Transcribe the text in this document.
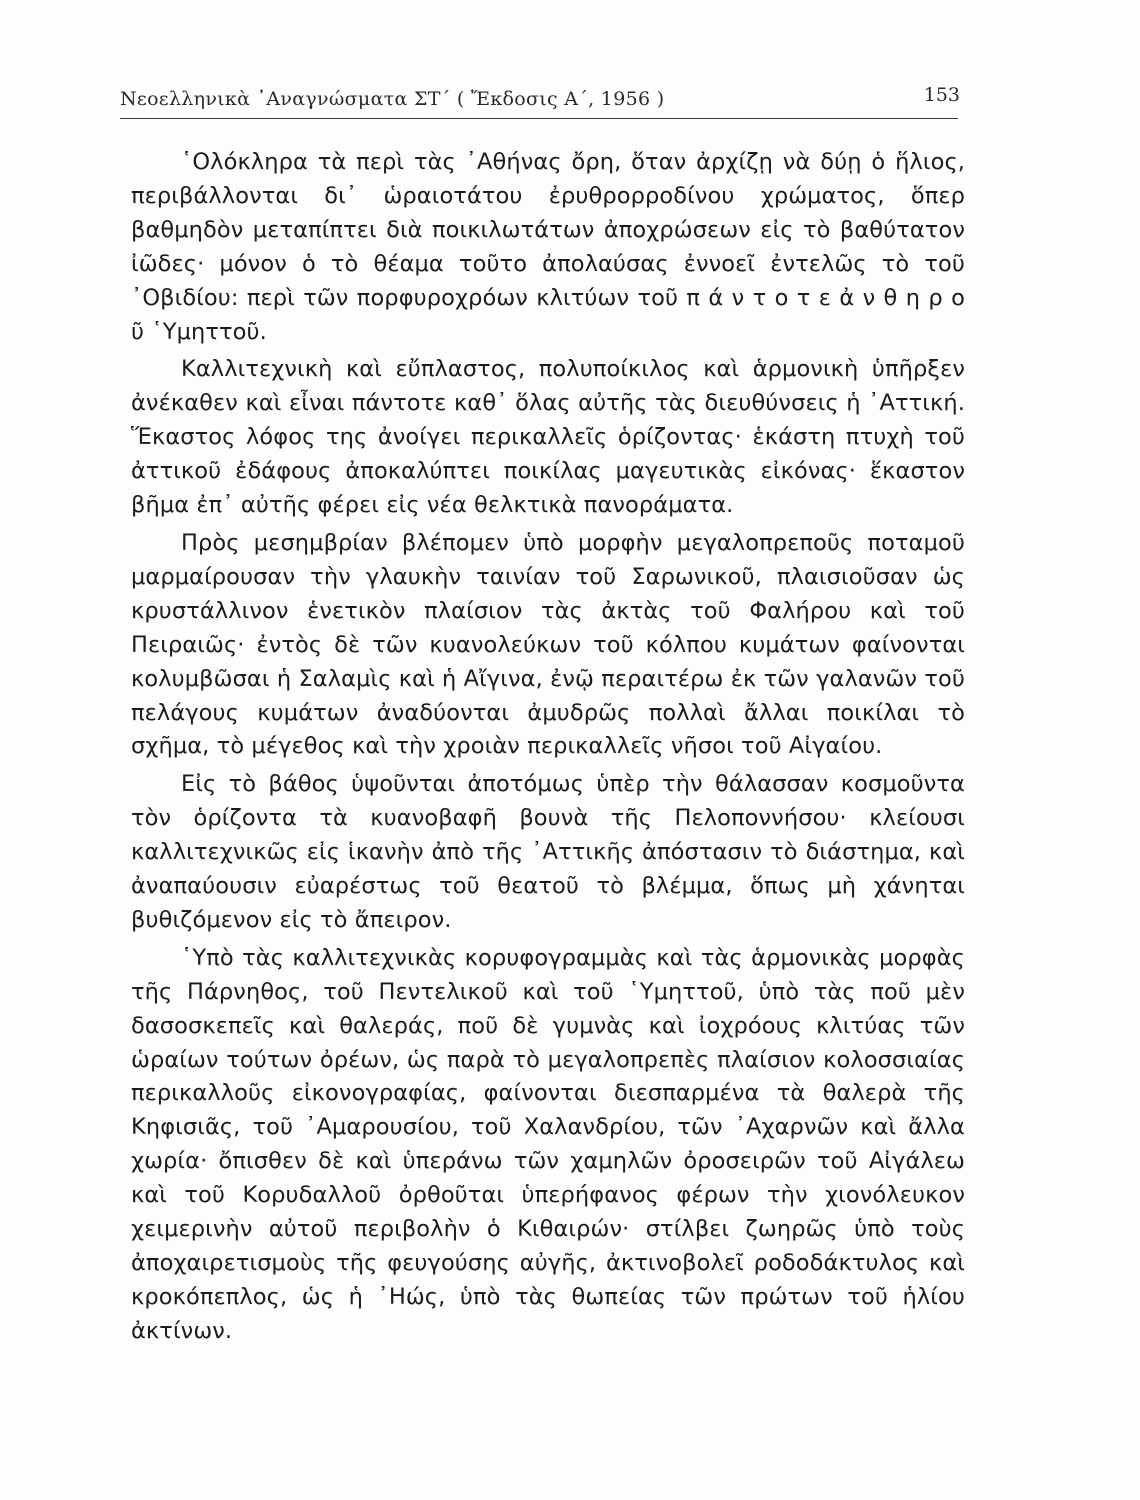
Νεοελληνικὰ ᾿Αναγνώσματα ΣΤ΄ ( Ἔκδοσις Α΄, 1956 )	153

῾Ολόκληρα τὰ περὶ τὰς ᾿Αθήνας ὄρη, ὅταν ἀρχίζῃ νὰ δύῃ ὁ ἥλιος, περιβάλλονται δι᾿ ὡραιοτάτου ἐρυθρορροδίνου χρώματος, ὅπερ βαθμηδὸν μεταπίπτει διὰ ποικιλωτάτων ἀποχρώσεων εἰς τὸ βαθύτατον ἰῶδες· μόνον ὁ τὸ θέαμα τοῦτο ἀπολαύσας ἐννοεῖ ἐντελῶς τὸ τοῦ ᾿Οβιδίου: περὶ τῶν πορφυροχρόων κλιτύων τοῦ π ά ν τ ο τ ε ἀ ν θ η ρ ο ῦ ῾Υμηττοῦ.

Καλλιτεχνικὴ καὶ εὔπλαστος, πολυποίκιλος καὶ ἁρμονικὴ ὑπῆρξεν ἀνέκαθεν καὶ εἶναι πάντοτε καθ᾿ ὅλας αὐτῆς τὰς διευθύνσεις ἡ ᾿Αττική. Ἕκαστος λόφος της ἀνοίγει περικαλλεῖς ὁρίζοντας· ἑκάστη πτυχὴ τοῦ ἀττικοῦ ἐδάφους ἀποκαλύπτει ποικίλας μαγευτικὰς εἰκόνας· ἕκαστον βῆμα ἐπ᾿ αὐτῆς φέρει εἰς νέα θελκτικὰ πανοράματα.

Πρὸς μεσημβρίαν βλέπομεν ὑπὸ μορφὴν μεγαλοπρεποῦς ποταμοῦ μαρμαίρουσαν τὴν γλαυκὴν ταινίαν τοῦ Σαρωνικοῦ, πλαισιοῦσαν ὡς κρυστάλλινον ἑνετικὸν πλαίσιον τὰς ἀκτὰς τοῦ Φαλήρου καὶ τοῦ Πειραιῶς· ἐντὸς δὲ τῶν κυανολεύκων τοῦ κόλπου κυμάτων φαίνονται κολυμβῶσαι ἡ Σαλαμὶς καὶ ἡ Αἴγινα, ἐνῷ περαιτέρω ἐκ τῶν γαλανῶν τοῦ πελάγους κυμάτων ἀναδύονται ἀμυδρῶς πολλαὶ ἄλλαι ποικίλαι τὸ σχῆμα, τὸ μέγεθος καὶ τὴν χροιὰν περικαλλεῖς νῆσοι τοῦ Αἰγαίου.

Εἰς τὸ βάθος ὑψοῦνται ἀποτόμως ὑπὲρ τὴν θάλασσαν κοσμοῦντα τὸν ὁρίζοντα τὰ κυανοβαφῆ βουνὰ τῆς Πελοποννήσου· κλείουσι καλλιτεχνικῶς εἰς ἱκανὴν ἀπὸ τῆς ᾿Αττικῆς ἀπόστασιν τὸ διάστημα, καὶ ἀναπαύουσιν εὐαρέστως τοῦ θεατοῦ τὸ βλέμμα, ὅπως μὴ χάνηται βυθιζόμενον εἰς τὸ ἄπειρον.

῾Υπὸ τὰς καλλιτεχνικὰς κορυφογραμμὰς καὶ τὰς ἁρμονικὰς μορφὰς τῆς Πάρνηθος, τοῦ Πεντελικοῦ καὶ τοῦ ῾Υμηττοῦ, ὑπὸ τὰς ποῦ μὲν δασοσκεπεῖς καὶ θαλεράς, ποῦ δὲ γυμνὰς καὶ ἰοχρόους κλιτύας τῶν ὡραίων τούτων ὀρέων, ὡς παρὰ τὸ μεγαλοπρεπὲς πλαίσιον κολοσσιαίας περικαλλοῦς εἰκονογραφίας, φαίνονται διεσπαρμένα τὰ θαλερὰ τῆς Κηφισιᾶς, τοῦ ᾿Αμαρουσίου, τοῦ Χαλανδρίου, τῶν ᾿Αχαρνῶν καὶ ἄλλα χωρία· ὄπισθεν δὲ καὶ ὑπεράνω τῶν χαμηλῶν ὀροσειρῶν τοῦ Αἰγάλεω καὶ τοῦ Κορυδαλλοῦ ὀρθοῦται ὑπερήφανος φέρων τὴν χιονόλευκον χειμερινὴν αὐτοῦ περιβολὴν ὁ Κιθαιρών· στίλβει ζωηρῶς ὑπὸ τοὺς ἀποχαιρετισμοὺς τῆς φευγούσης αὐγῆς, ἀκτινοβολεῖ ροδοδάκτυλος καὶ κροκόπεπλος, ὡς ἡ ᾿Ηώς, ὑπὸ τὰς θωπείας τῶν πρώτων τοῦ ἡλίου ἀκτίνων.
